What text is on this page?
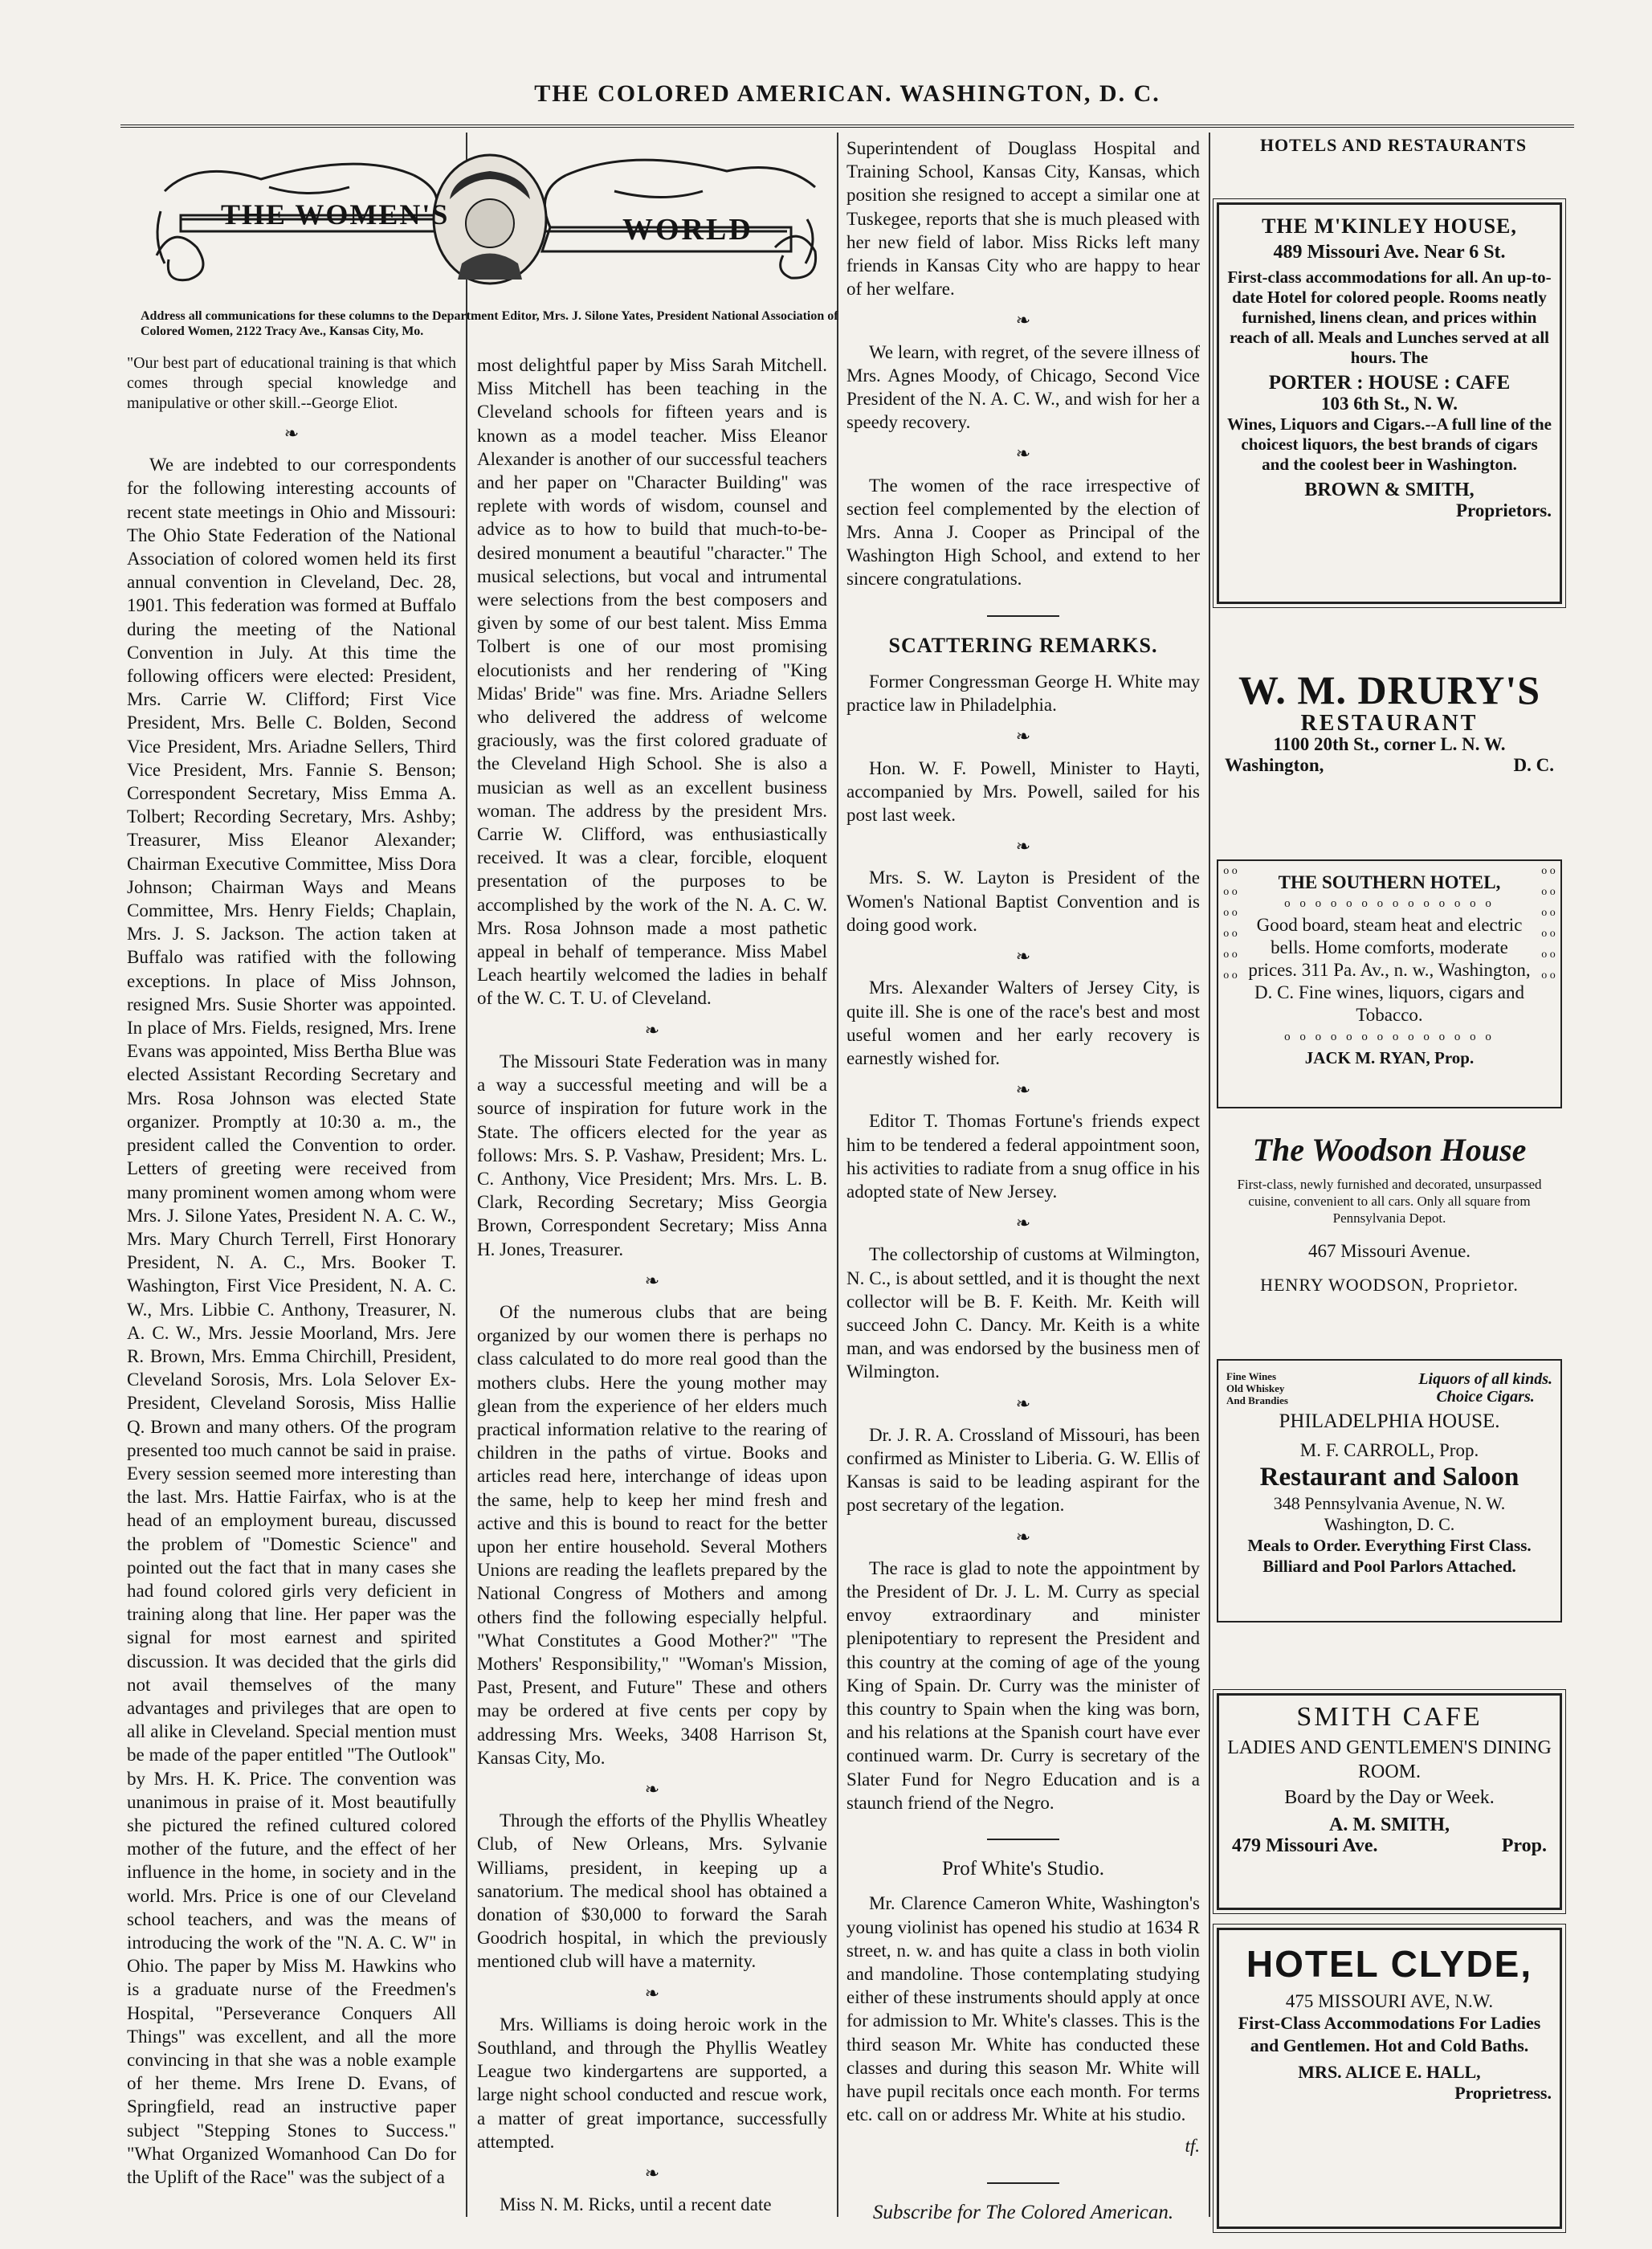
THE COLORED AMERICAN. WASHINGTON, D. C.
THE WOMEN'S	WORLD
Address all communications for these columns to the Department Editor, Mrs. J. Silone Yates, President National Association of Colored Women, 2122 Tracy Ave., Kansas City, Mo.

"Our best part of educational training is that which comes through special knowledge and manipulative or other skill.--George Eliot.

❧

We are indebted to our correspondents for the following interesting accounts of recent state meetings in Ohio and Missouri: The Ohio State Federation of the National Association of colored women held its first annual convention in Cleveland, Dec. 28, 1901. This federation was formed at Buffalo during the meeting of the National Convention in July. At this time the following officers were elected: President, Mrs. Carrie W. Clifford; First Vice President, Mrs. Belle C. Bolden, Second Vice President, Mrs. Ariadne Sellers, Third Vice President, Mrs. Fannie S. Benson; Correspondent Secretary, Miss Emma A. Tolbert; Recording Secretary, Mrs. Ashby; Treasurer, Miss Eleanor Alexander; Chairman Executive Committee, Miss Dora Johnson; Chairman Ways and Means Committee, Mrs. Henry Fields; Chaplain, Mrs. J. S. Jackson. The action taken at Buffalo was ratified with the following exceptions. In place of Miss Johnson, resigned Mrs. Susie Shorter was appointed. In place of Mrs. Fields, resigned, Mrs. Irene Evans was appointed, Miss Bertha Blue was elected Assistant Recording Secretary and Mrs. Rosa Johnson was elected State organizer. Promptly at 10:30 a. m., the president called the Convention to order. Letters of greeting were received from many prominent women among whom were Mrs. J. Silone Yates, President N. A. C. W., Mrs. Mary Church Terrell, First Honorary President, N. A. C., Mrs. Booker T. Washington, First Vice President, N. A. C. W., Mrs. Libbie C. Anthony, Treasurer, N. A. C. W., Mrs. Jessie Moorland, Mrs. Jere R. Brown, Mrs. Emma Chirchill, President, Cleveland Sorosis, Mrs. Lola Selover Ex-President, Cleveland Sorosis, Miss Hallie Q. Brown and many others. Of the program presented too much cannot be said in praise. Every session seemed more interesting than the last. Mrs. Hattie Fairfax, who is at the head of an employment bureau, discussed the problem of "Domestic Science" and pointed out the fact that in many cases she had found colored girls very deficient in training along that line. Her paper was the signal for most earnest and spirited discussion. It was decided that the girls did not avail themselves of the many advantages and privileges that are open to all alike in Cleveland. Special mention must be made of the paper entitled "The Outlook" by Mrs. H. K. Price. The convention was unanimous in praise of it. Most beautifully she pictured the refined cultured colored mother of the future, and the effect of her influence in the home, in society and in the world. Mrs. Price is one of our Cleveland school teachers, and was the means of introducing the work of the "N. A. C. W" in Ohio. The paper by Miss M. Hawkins who is a graduate nurse of the Freedmen's Hospital, "Perseverance Conquers All Things" was excellent, and all the more convincing in that she was a noble example of her theme. Mrs Irene D. Evans, of Springfield, read an instructive paper subject "Stepping Stones to Success." "What Organized Womanhood Can Do for the Uplift of the Race" was the subject of a

most delightful paper by Miss Sarah Mitchell. Miss Mitchell has been teaching in the Cleveland schools for fifteen years and is known as a model teacher. Miss Eleanor Alexander is another of our successful teachers and her paper on "Character Building" was replete with words of wisdom, counsel and advice as to how to build that much-to-be-desired monument a beautiful "character." The musical selections, but vocal and intrumental were selections from the best composers and given by some of our best talent. Miss Emma Tolbert is one of our most promising elocutionists and her rendering of "King Midas' Bride" was fine. Mrs. Ariadne Sellers who delivered the address of welcome graciously, was the first colored graduate of the Cleveland High School. She is also a musician as well as an excellent business woman. The address by the president Mrs. Carrie W. Clifford, was enthusiastically received. It was a clear, forcible, eloquent presentation of the purposes to be accomplished by the work of the N. A. C. W. Mrs. Rosa Johnson made a most pathetic appeal in behalf of temperance. Miss Mabel Leach heartily welcomed the ladies in behalf of the W. C. T. U. of Cleveland.

❧

The Missouri State Federation was in many a way a successful meeting and will be a source of inspiration for future work in the State. The officers elected for the year as follows: Mrs. S. P. Vashaw, President; Mrs. L. C. Anthony, Vice President; Mrs. Mrs. L. B. Clark, Recording Secretary; Miss Georgia Brown, Correspondent Secretary; Miss Anna H. Jones, Treasurer.

❧

Of the numerous clubs that are being organized by our women there is perhaps no class calculated to do more real good than the mothers clubs. Here the young mother may glean from the experience of her elders much practical information relative to the rearing of children in the paths of virtue. Books and articles read here, interchange of ideas upon the same, help to keep her mind fresh and active and this is bound to react for the better upon her entire household. Several Mothers Unions are reading the leaflets prepared by the National Congress of Mothers and among others find the following especially helpful. "What Constitutes a Good Mother?" "The Mothers' Responsibility," "Woman's Mission, Past, Present, and Future" These and others may be ordered at five cents per copy by addressing Mrs. Weeks, 3408 Harrison St, Kansas City, Mo.

❧

Through the efforts of the Phyllis Wheatley Club, of New Orleans, Mrs. Sylvanie Williams, president, in keeping up a sanatorium. The medical shool has obtained a donation of $30,000 to forward the Sarah Goodrich hospital, in which the previously mentioned club will have a maternity.

❧

Mrs. Williams is doing heroic work in the Southland, and through the Phyllis Weatley League two kindergartens are supported, a large night school conducted and rescue work, a matter of great importance, successfully attempted.

❧

Miss N. M. Ricks, until a recent date

Superintendent of Douglass Hospital and Training School, Kansas City, Kansas, which position she resigned to accept a similar one at Tuskegee, reports that she is much pleased with her new field of labor. Miss Ricks left many friends in Kansas City who are happy to hear of her welfare.

❧

We learn, with regret, of the severe illness of Mrs. Agnes Moody, of Chicago, Second Vice President of the N. A. C. W., and wish for her a speedy recovery.

❧

The women of the race irrespective of section feel complemented by the election of Mrs. Anna J. Cooper as Principal of the Washington High School, and extend to her sincere congratulations.

SCATTERING REMARKS.

Former Congressman George H. White may practice law in Philadelphia.

❧

Hon. W. F. Powell, Minister to Hayti, accompanied by Mrs. Powell, sailed for his post last week.

❧

Mrs. S. W. Layton is President of the Women's National Baptist Convention and is doing good work.

❧

Mrs. Alexander Walters of Jersey City, is quite ill. She is one of the race's best and most useful women and her early recovery is earnestly wished for.

❧

Editor T. Thomas Fortune's friends expect him to be tendered a federal appointment soon, his activities to radiate from a snug office in his adopted state of New Jersey.

❧

The collectorship of customs at Wilmington, N. C., is about settled, and it is thought the next collector will be B. F. Keith. Mr. Keith will succeed John C. Dancy. Mr. Keith is a white man, and was endorsed by the business men of Wilmington.

❧

Dr. J. R. A. Crossland of Missouri, has been confirmed as Minister to Liberia. G. W. Ellis of Kansas is said to be leading aspirant for the post secretary of the legation.

❧

The race is glad to note the appointment by the President of Dr. J. L. M. Curry as special envoy extraordinary and minister plenipotentiary to represent the President and this country at the coming of age of the young King of Spain. Dr. Curry was the minister of this country to Spain when the king was born, and his relations at the Spanish court have ever continued warm. Dr. Curry is secretary of the Slater Fund for Negro Education and is a staunch friend of the Negro.

Prof White's Studio.

Mr. Clarence Cameron White, Washington's young violinist has opened his studio at 1634 R street, n. w. and has quite a class in both violin and mandoline. Those contemplating studying either of these instruments should apply at once for admission to Mr. White's classes. This is the third season Mr. White has conducted these classes and during this season Mr. White will have pupil recitals once each month. For terms etc. call on or address Mr. White at his studio.

tf.
Subscribe for The Colored American.
HOTELS AND RESTAURANTS
THE M'KINLEY HOUSE,
489 Missouri Ave. Near 6 St.
First-class accommodations for all. An up-to-date Hotel for colored people. Rooms neatly furnished, linens clean, and prices within reach of all. Meals and Lunches served at all hours. The
PORTER : HOUSE : CAFE
103 6th St., N. W.
Wines, Liquors and Cigars.--A full line of the choicest liquors, the best brands of cigars and the coolest beer in Washington.
BROWN & SMITH,
Proprietors.
W. M. DRURY'S
RESTAURANT
1100 20th St., corner L. N. W.
Washington,	D. C.
o o o o o o o o o o o o
o o o o o o o o o o o o
THE SOUTHERN HOTEL,
o o o o o o o o o o o o o o
Good board, steam heat and electric bells. Home comforts, moderate prices. 311 Pa. Av., n. w., Washington, D. C. Fine wines, liquors, cigars and Tobacco.
o o o o o o o o o o o o o o
JACK M. RYAN, Prop.
The Woodson House
First-class, newly furnished and decorated, unsurpassed cuisine, convenient to all cars. Only all square from Pennsylvania Depot.
467 Missouri Avenue.
HENRY WOODSON, Proprietor.
Fine Wines
Old Whiskey
And Brandies
Liquors of all kinds.
Choice Cigars.
PHILADELPHIA HOUSE.
M. F. CARROLL, Prop.
Restaurant and Saloon
348 Pennsylvania Avenue, N. W.
Washington, D. C.
Meals to Order. Everything First Class.
Billiard and Pool Parlors Attached.
SMITH CAFE
LADIES AND GENTLEMEN'S DINING ROOM.
Board by the Day or Week.
A. M. SMITH,
479 Missouri Ave.	Prop.
HOTEL CLYDE,
475 MISSOURI AVE, N.W.
First-Class Accommodations For Ladies and Gentlemen. Hot and Cold Baths.
MRS. ALICE E. HALL,
Proprietress.
